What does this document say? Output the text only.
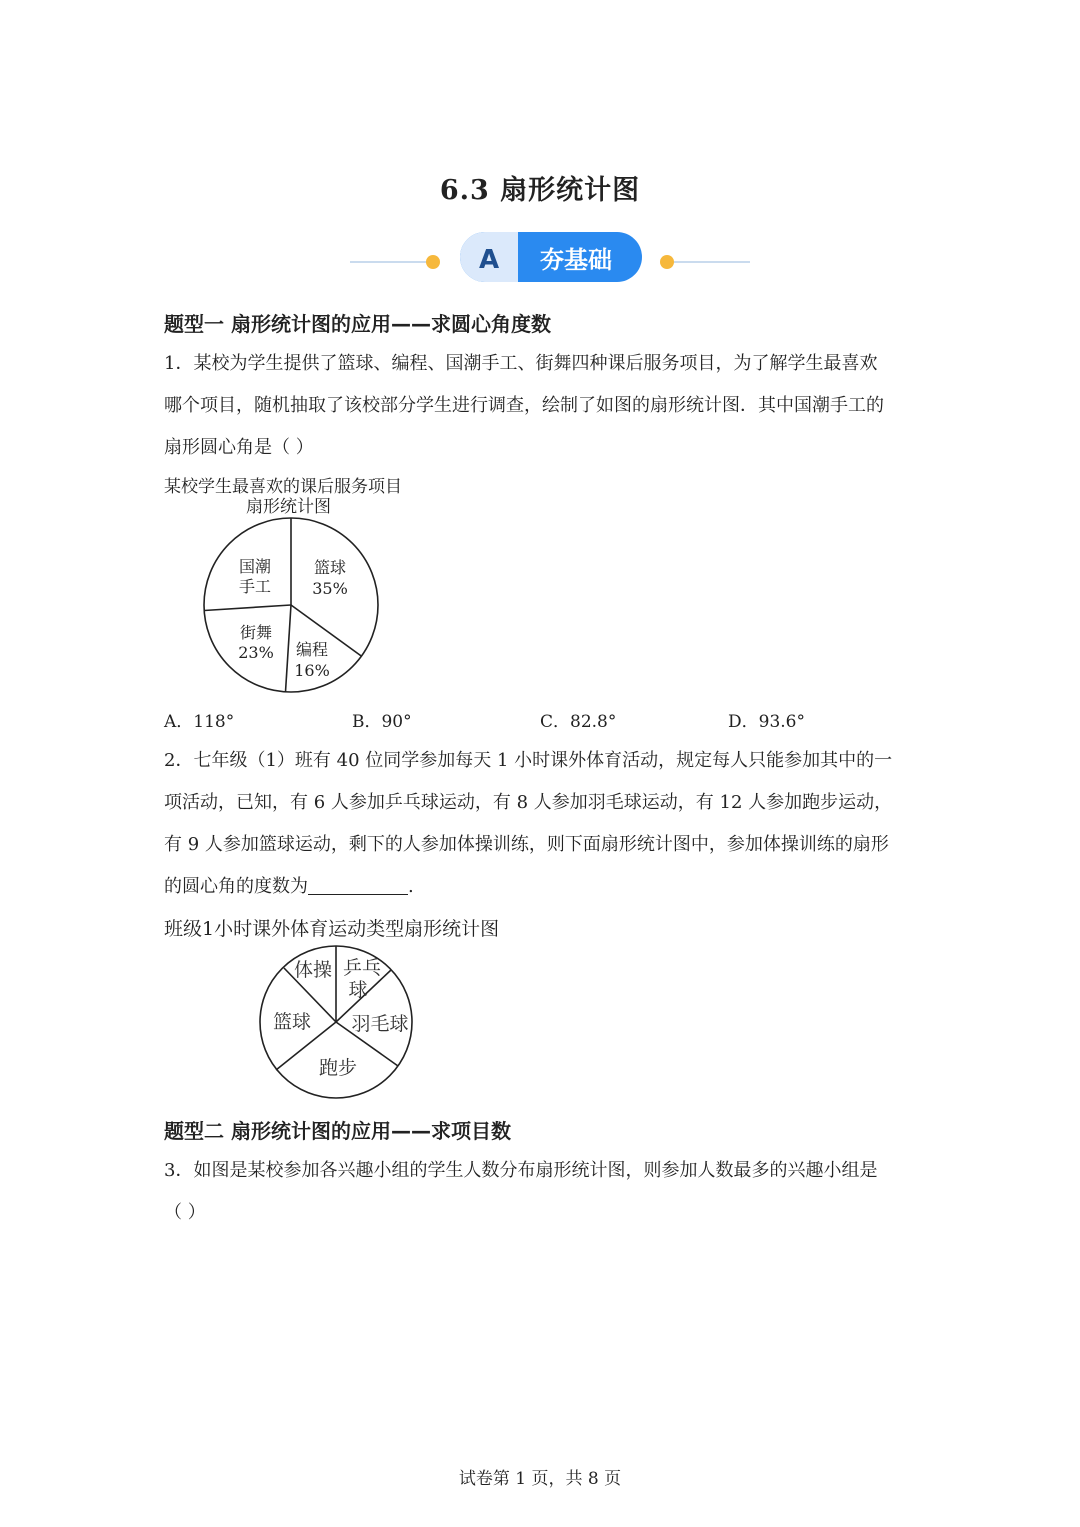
6.3 扇形统计图
A 夯基础
题型一 扇形统计图的应用——求圆心角度数
1．某校为学生提供了篮球、编程、国潮手工、街舞四种课后服务项目，为了解学生最喜欢
哪个项目，随机抽取了该校部分学生进行调查，绘制了如图的扇形统计图．其中国潮手工的
扇形圆心角是（ ）
某校学生最喜欢的课后服务项目
扇形统计图
篮球
35%
编程
16%
街舞
23%
国潮
手工
A．118°	B．90°	C．82.8°	D．93.6°
2．七年级（1）班有 40 位同学参加每天 1 小时课外体育活动，规定每人只能参加其中的一
项活动，已知，有 6 人参加乒乓球运动，有 8 人参加羽毛球运动，有 12 人参加跑步运动，
有 9 人参加篮球运动，剩下的人参加体操训练，则下面扇形统计图中，参加体操训练的扇形
的圆心角的度数为	.
班级1小时课外体育运动类型扇形统计图
体操 乒乓
球
羽毛球
跑步
篮球
题型二 扇形统计图的应用——求项目数
3．如图是某校参加各兴趣小组的学生人数分布扇形统计图，则参加人数最多的兴趣小组是
（ ）
试卷第 1 页，共 8 页
